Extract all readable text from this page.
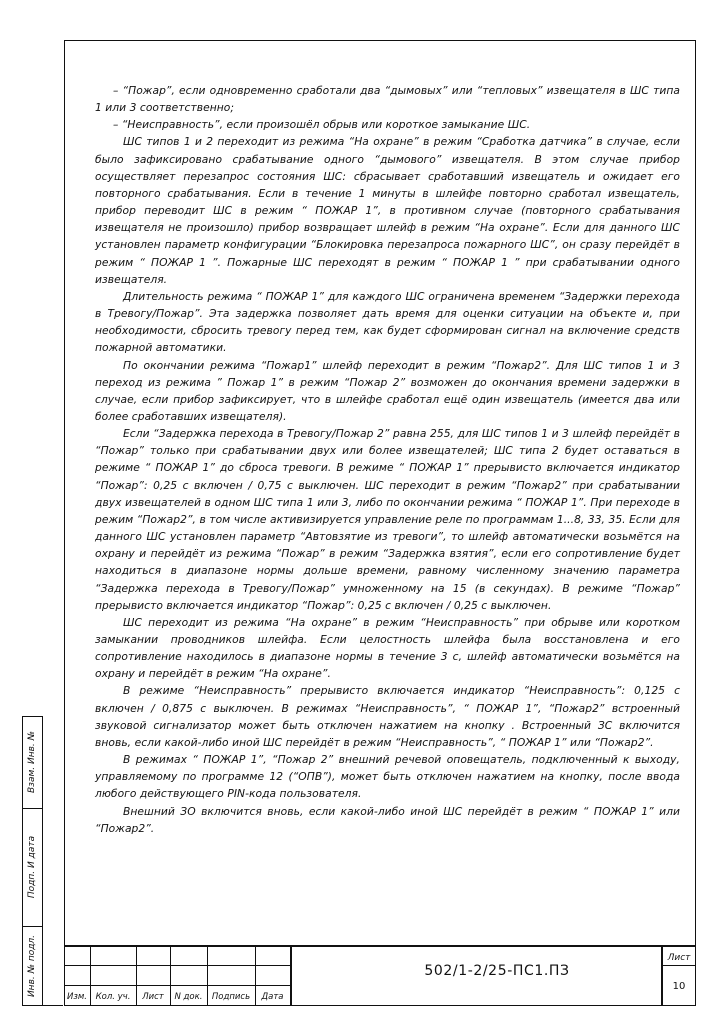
– “Пожар”, если одновременно сработали два “дымовых” или “тепловых” извещателя в ШС типа 1 или 3 соответственно;

– “Неисправность”, если произошёл обрыв или короткое замыкание ШС.

ШС типов 1 и 2 переходит из режима “На охране” в режим “Сработка датчика” в случае, если было зафиксировано срабатывание одного “дымового” извещателя. В этом случае прибор осуществляет перезапрос состояния ШС: сбрасывает сработавший извещатель и ожидает его повторного срабатывания. Если в течение 1 минуты в шлейфе повторно сработал извещатель, прибор переводит ШС в режим “ ПОЖАР 1”, в противном случае (повторного срабатывания извещателя не произошло) прибор возвращает шлейф в режим “На охране”. Если для данного ШС установлен параметр конфигурации “Блокировка перезапроса пожарного ШС”, он сразу перейдёт в режим “ ПОЖАР 1 ”. Пожарные ШС переходят в режим “ ПОЖАР 1 ” при срабатывании одного извещателя.

Длительность режима “ ПОЖАР 1” для каждого ШС ограничена временем “Задержки перехода в Тревогу/Пожар”. Эта задержка позволяет дать время для оценки ситуации на объекте и, при необходимости, сбросить тревогу перед тем, как будет сформирован сигнал на включение средств пожарной автоматики.

По окончании режима “Пожар1” шлейф переходит в режим “Пожар2”. Для ШС типов 1 и 3 переход из режима ” Пожар 1” в режим “Пожар 2” возможен до окончания времени задержки в случае, если прибор зафиксирует, что в шлейфе сработал ещё один извещатель (имеется два или более сработавших извещателя).

Если “Задержка перехода в Тревогу/Пожар 2” равна 255, для ШС типов 1 и 3 шлейф перейдёт в “Пожар” только при срабатывании двух или более извещателей; ШС типа 2 будет оставаться в режиме “ ПОЖАР 1” до сброса тревоги. В режиме “ ПОЖАР 1” прерывисто включается индикатор “Пожар”: 0,25 с включен / 0,75 с выключен. ШС переходит в режим “Пожар2” при срабатывании двух извещателей в одном ШС типа 1 или 3, либо по окончании режима “ ПОЖАР 1”. При переходе в режим “Пожар2”, в том числе активизируется управление реле по программам 1...8, 33, 35. Если для данного ШС установлен параметр “Автовзятие из тревоги”, то шлейф автоматически возьмётся на охрану и перейдёт из режима “Пожар” в режим “Задержка взятия”, если его сопротивление будет находиться в диапазоне нормы дольше времени, равному численному значению параметра “Задержка перехода в Тревогу/Пожар” умноженному на 15 (в секундах). В режиме “Пожар” прерывисто включается индикатор “Пожар”: 0,25 с включен / 0,25 с выключен.

ШС переходит из режима “На охране” в режим “Неисправность” при обрыве или коротком замыкании проводников шлейфа. Если целостность шлейфа была восстановлена и его сопротивление находилось в диапазоне нормы в течение 3 с, шлейф автоматически возьмётся на охрану и перейдёт в режим “На охране”.

В режиме “Неисправность” прерывисто включается индикатор “Неисправность”: 0,125 с включен / 0,875 с выключен. В режимах “Неисправность”, “ ПОЖАР 1”, “Пожар2” встроенный звуковой сигнализатор может быть отключен нажатием на кнопку . Встроенный ЗС включится вновь, если какой-либо иной ШС перейдёт в режим “Неисправность”, “ ПОЖАР 1” или “Пожар2”.

В режимах “ ПОЖАР 1”, “Пожар 2” внешний речевой оповещатель, подключенный к выходу, управляемому по программе 12 (“ОПВ”), может быть отключен нажатием на кнопку, после ввода любого действующего PIN-кода пользователя.

Внешний ЗО включится вновь, если какой-либо иной ШС перейдёт в режим “ ПОЖАР 1” или “Пожар2”.

Взам. Инв. №
Подп. И дата
Инв. № подл.
Изм.	Кол. уч.	Лист	N док.	Подпись	Дата
502/1-2/25-ПС1.ПЗ
Лист
10
